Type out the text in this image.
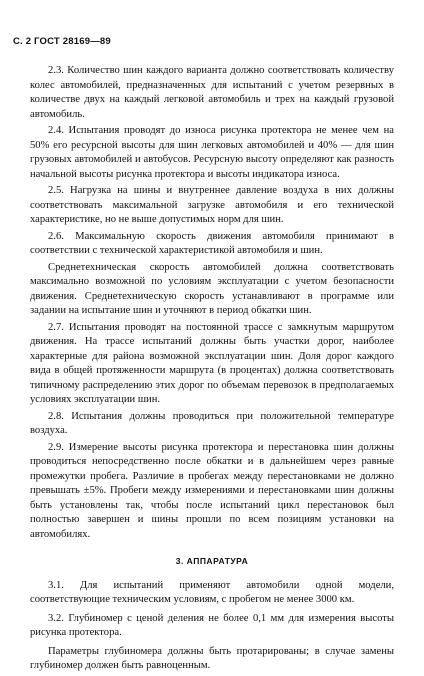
С. 2 ГОСТ 28169—89

2.3. Количество шин каждого варианта должно соответствовать количеству колес автомобилей, предназначенных для испытаний с учетом резервных в количестве двух на каждый легковой автомобиль и трех на каждый грузовой автомобиль.

2.4. Испытания проводят до износа рисунка протектора не менее чем на 50% его ресурсной высоты для шин легковых автомобилей и 40% — для шин грузовых автомобилей и автобусов. Ресурсную высоту определяют как разность начальной высоты рисунка протектора и высоты индикатора износа.

2.5. Нагрузка на шины и внутреннее давление воздуха в них должны соответствовать максимальной загрузке автомобиля и его технической характеристике, но не выше допустимых норм для шин.

2.6. Максимальную скорость движения автомобиля принимают в соответствии с технической характеристикой автомобиля и шин.

Среднетехническая скорость автомобилей должна соответствовать максимально возможной по условиям эксплуатации с учетом безопасности движения. Среднетехническую скорость устанавливают в программе или задании на испытание шин и уточняют в период обкатки шин.

2.7. Испытания проводят на постоянной трассе с замкнутым маршрутом движения. На трассе испытаний должны быть участки дорог, наиболее характерные для района возможной эксплуатации шин. Доля дорог каждого вида в общей протяженности маршрута (в процентах) должна соответствовать типичному распределению этих дорог по объемам перевозок в предполагаемых условиях эксплуатации шин.

2.8. Испытания должны проводиться при положительной температуре воздуха.

2.9. Измерение высоты рисунка протектора и перестановка шин должны проводиться непосредственно после обкатки и в дальнейшем через равные промежутки пробега. Различие в пробегах между перестановками не должно превышать ±5%. Пробеги между измерениями и перестановками шин должны быть установлены так, чтобы после испытаний цикл перестановок был полностью завершен и шины прошли по всем позициям установки на автомобилях.

3. АППАРАТУРА

3.1. Для испытаний применяют автомобили одной модели, соответствующие техническим условиям, с пробегом не менее 3000 км.

3.2. Глубиномер с ценой деления не более 0,1 мм для измерения высоты рисунка протектора.

Параметры глубиномера должны быть протарированы; в случае замены глубиномер должен быть равноценным.
